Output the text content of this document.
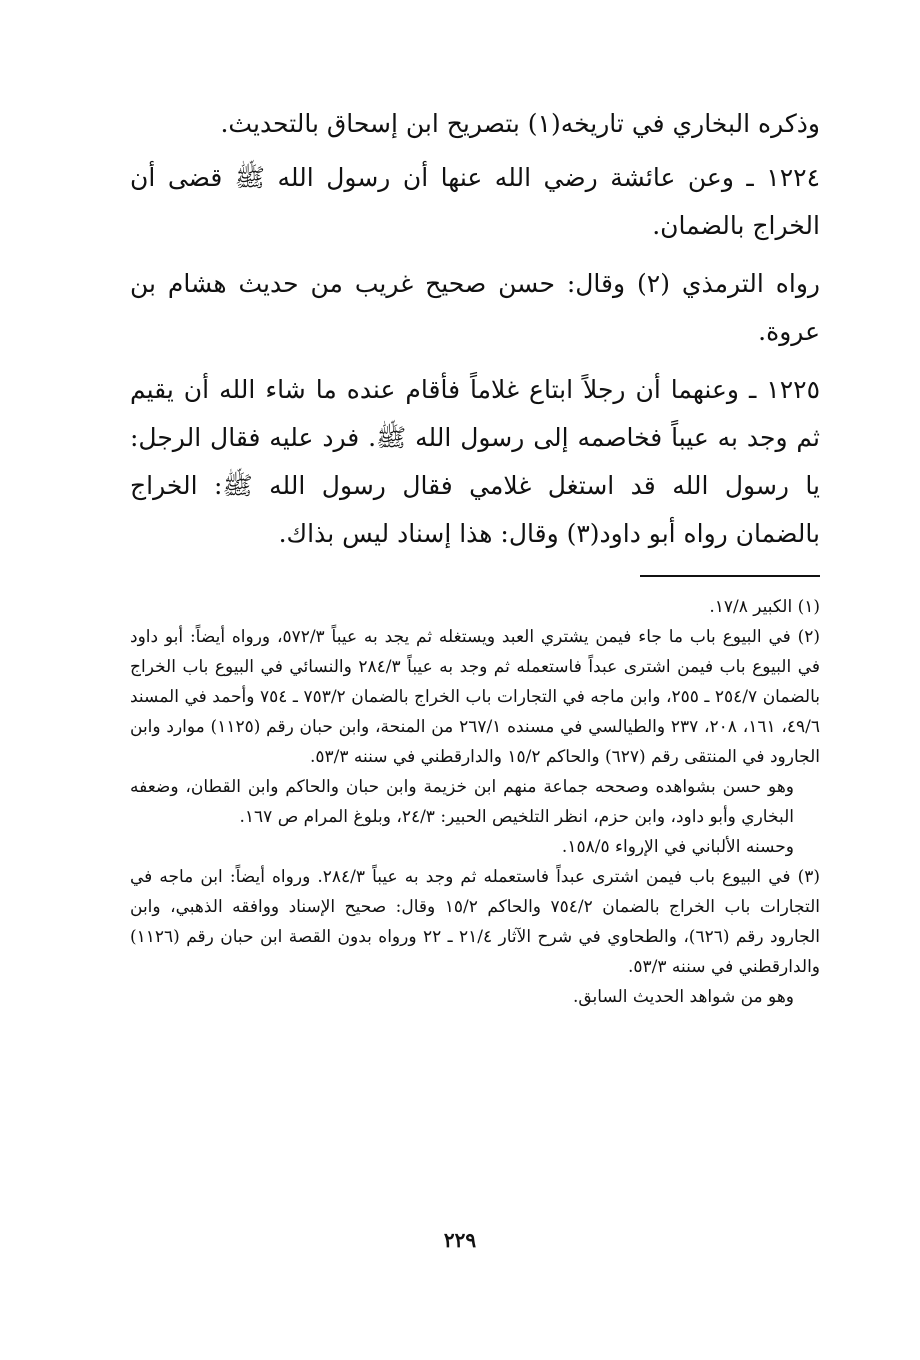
وذكره البخاري في تاريخه(١) بتصريح ابن إسحاق بالتحديث.

١٢٢٤ ـ وعن عائشة رضي الله عنها أن رسول الله ﷺ قضى أن الخراج بالضمان.

رواه الترمذي (٢) وقال: حسن صحيح غريب من حديث هشام بن عروة.

١٢٢٥ ـ وعنهما أن رجلاً ابتاع غلاماً فأقام عنده ما شاء الله أن يقيم ثم وجد به عيباً فخاصمه إلى رسول الله ﷺ. فرد عليه فقال الرجل: يا رسول الله قد استغل غلامي فقال رسول الله ﷺ: الخراج بالضمان رواه أبو داود(٣) وقال: هذا إسناد ليس بذاك.

(١) الكبير ١٧/٨.

(٢) في البيوع باب ما جاء فيمن يشتري العبد ويستغله ثم يجد به عيباً ٥٧٢/٣، ورواه أيضاً: أبو داود في البيوع باب فيمن اشترى عبداً فاستعمله ثم وجد به عيباً ٢٨٤/٣ والنسائي في البيوع باب الخراج بالضمان ٢٥٤/٧ ـ ٢٥٥، وابن ماجه في التجارات باب الخراج بالضمان ٧٥٣/٢ ـ ٧٥٤ وأحمد في المسند ٤٩/٦، ١٦١، ٢٠٨، ٢٣٧ والطيالسي في مسنده ٢٦٧/١ من المنحة، وابن حبان رقم (١١٢٥) موارد وابن الجارود في المنتقى رقم (٦٢٧) والحاكم ١٥/٢ والدارقطني في سننه ٥٣/٣.

وهو حسن بشواهده وصححه جماعة منهم ابن خزيمة وابن حبان والحاكم وابن القطان، وضعفه البخاري وأبو داود، وابن حزم، انظر التلخيص الحبير: ٢٤/٣، وبلوغ المرام ص ١٦٧.

وحسنه الألباني في الإرواء ١٥٨/٥.

(٣) في البيوع باب فيمن اشترى عبداً فاستعمله ثم وجد به عيباً ٢٨٤/٣. ورواه أيضاً: ابن ماجه في التجارات باب الخراج بالضمان ٧٥٤/٢ والحاكم ١٥/٢ وقال: صحيح الإسناد ووافقه الذهبي، وابن الجارود رقم (٦٢٦)، والطحاوي في شرح الآثار ٢١/٤ ـ ٢٢ ورواه بدون القصة ابن حبان رقم (١١٢٦) والدارقطني في سننه ٥٣/٣.

وهو من شواهد الحديث السابق.

٢٢٩
